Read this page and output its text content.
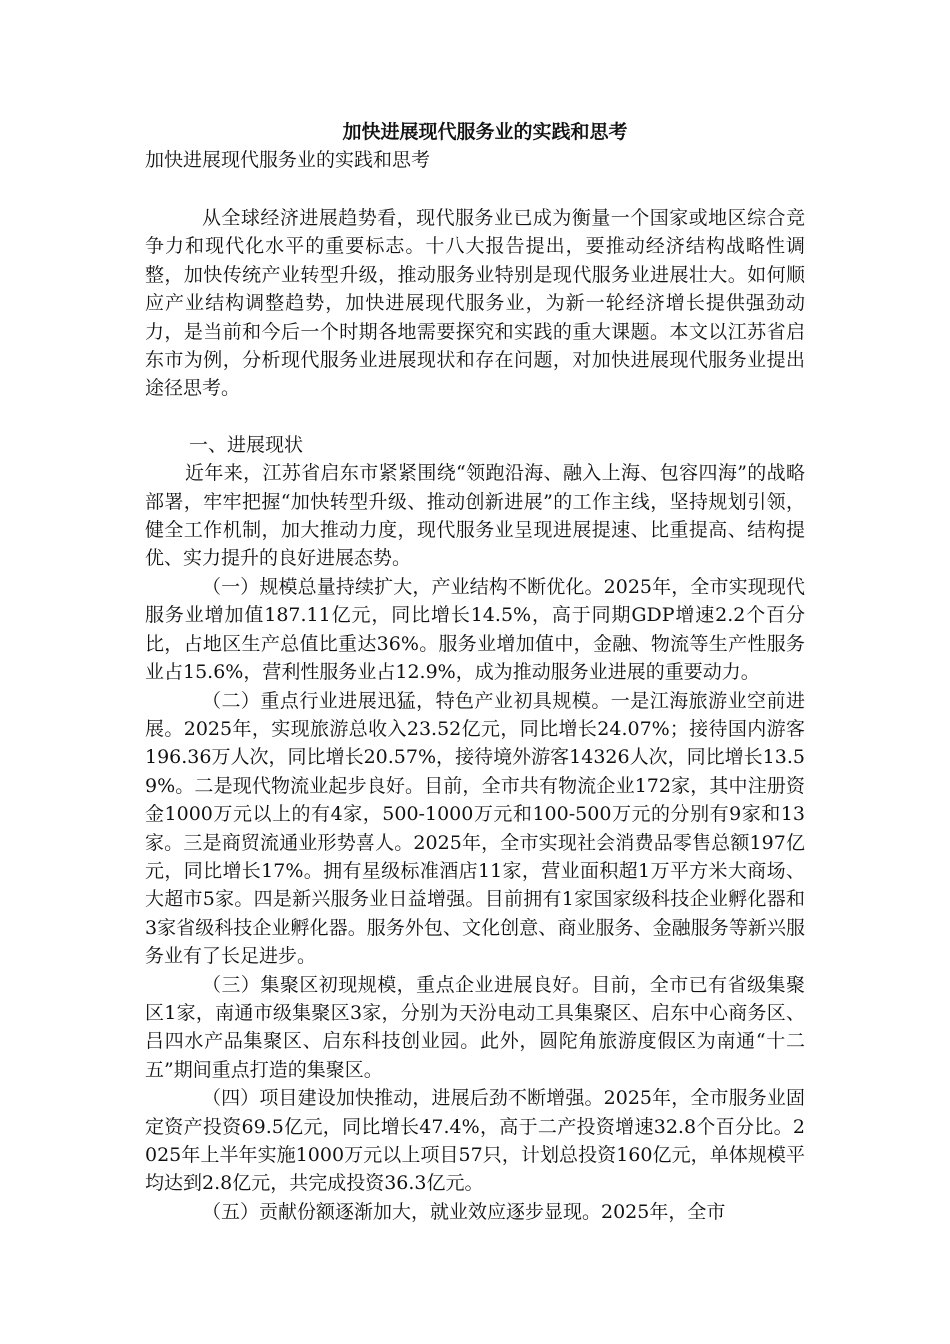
加快进展现代服务业的实践和思考
加快进展现代服务业的实践和思考

从全球经济进展趋势看，现代服务业已成为衡量一个国家或地区综合竞争力和现代化水平的重要标志。十八大报告提出，要推动经济结构战略性调整，加快传统产业转型升级，推动服务业特别是现代服务业进展壮大。如何顺应产业结构调整趋势，加快进展现代服务业，为新一轮经济增长提供强劲动力，是当前和今后一个时期各地需要探究和实践的重大课题。本文以江苏省启东市为例，分析现代服务业进展现状和存在问题，对加快进展现代服务业提出途径思考。

一、进展现状

近年来，江苏省启东市紧紧围绕“领跑沿海、融入上海、包容四海”的战略部署，牢牢把握“加快转型升级、推动创新进展”的工作主线，坚持规划引领，健全工作机制，加大推动力度，现代服务业呈现进展提速、比重提高、结构提优、实力提升的良好进展态势。

（一）规模总量持续扩大，产业结构不断优化。2025年，全市实现现代服务业增加值187.11亿元，同比增长14.5%，高于同期GDP增速2.2个百分比，占地区生产总值比重达36%。服务业增加值中，金融、物流等生产性服务业占15.6%，营利性服务业占12.9%，成为推动服务业进展的重要动力。

（二）重点行业进展迅猛，特色产业初具规模。一是江海旅游业空前进展。2025年，实现旅游总收入23.52亿元，同比增长24.07%；接待国内游客196.36万人次，同比增长20.57%，接待境外游客14326人次，同比增长13.59%。二是现代物流业起步良好。目前，全市共有物流企业172家，其中注册资金1000万元以上的有4家，500-1000万元和100-500万元的分别有9家和13家。三是商贸流通业形势喜人。2025年，全市实现社会消费品零售总额197亿元，同比增长17%。拥有星级标准酒店11家，营业面积超1万平方米大商场、大超市5家。四是新兴服务业日益增强。目前拥有1家国家级科技企业孵化器和3家省级科技企业孵化器。服务外包、文化创意、商业服务、金融服务等新兴服务业有了长足进步。

（三）集聚区初现规模，重点企业进展良好。目前，全市已有省级集聚区1家，南通市级集聚区3家，分别为天汾电动工具集聚区、启东中心商务区、吕四水产品集聚区、启东科技创业园。此外，圆陀角旅游度假区为南通“十二五”期间重点打造的集聚区。

（四）项目建设加快推动，进展后劲不断增强。2025年，全市服务业固定资产投资69.5亿元，同比增长47.4%，高于二产投资增速32.8个百分比。2025年上半年实施1000万元以上项目57只，计划总投资160亿元，单体规模平均达到2.8亿元，共完成投资36.3亿元。

（五）贡献份额逐渐加大，就业效应逐步显现。2025年，全市
